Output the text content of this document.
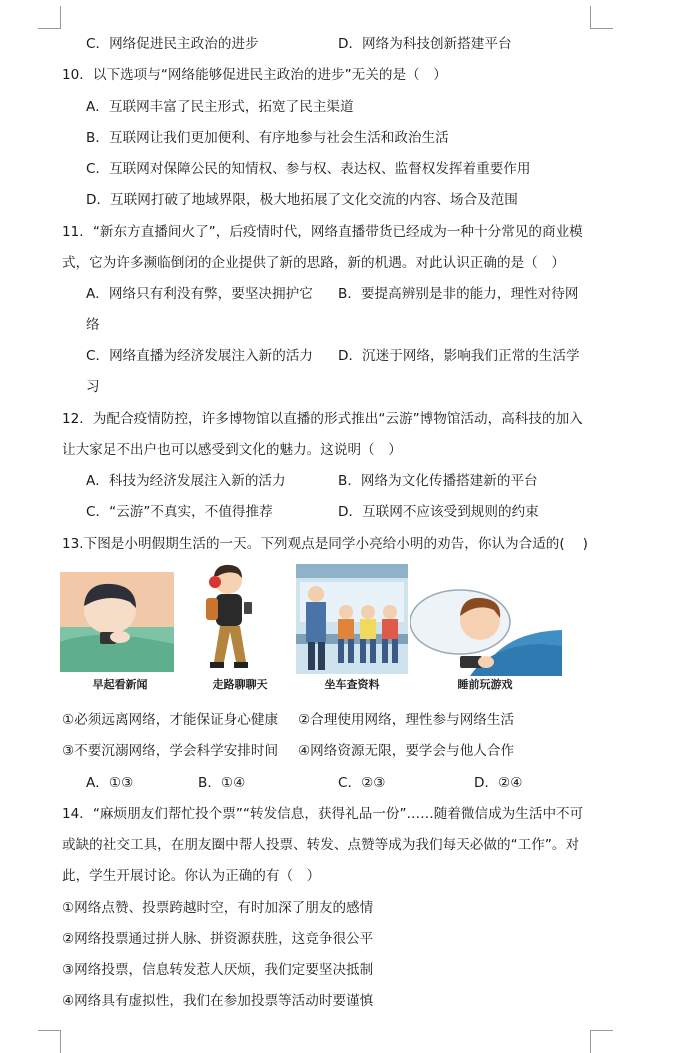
C．网络促进民主政治的进步	D．网络为科技创新搭建平台
10．以下选项与“网络能够促进民主政治的进步”无关的是（　）
A．互联网丰富了民主形式，拓宽了民主渠道
B．互联网让我们更加便利、有序地参与社会生活和政治生活
C．互联网对保障公民的知情权、参与权、表达权、监督权发挥着重要作用
D．互联网打破了地域界限，极大地拓展了文化交流的内容、场合及范围
11．“新东方直播间火了”，后疫情时代，网络直播带货已经成为一种十分常见的商业模
式，它为许多濒临倒闭的企业提供了新的思路，新的机遇。对此认识正确的是（　）
A．网络只有利没有弊，要坚决拥护它 B．要提高辨别是非的能力，理性对待网
络
C．网络直播为经济发展注入新的活力 D．沉迷于网络，影响我们正常的生活学
习
12．为配合疫情防控，许多博物馆以直播的形式推出“云游”博物馆活动，高科技的加入
让大家足不出户也可以感受到文化的魅力。这说明（　）
A．科技为经济发展注入新的活力	B．网络为文化传播搭建新的平台
C．“云游”不真实，不值得推荐	D．互联网不应该受到规则的约束
13.下图是小明假期生活的一天。下列观点是同学小亮给小明的劝告，你认为合适的(　 )
早起看新闻	走路聊聊天	坐车查资料	睡前玩游戏
①必须远离网络，才能保证身心健康 ②合理使用网络，理性参与网络生活
③不要沉溺网络，学会科学安排时间 ④网络资源无限，要学会与他人合作
A．①③	B．①④	C．②③	D．②④
14．“麻烦朋友们帮忙投个票”“转发信息，获得礼品一份”……随着微信成为生活中不可
或缺的社交工具，在朋友圈中帮人投票、转发、点赞等成为我们每天必做的“工作”。对
此，学生开展讨论。你认为正确的有（　）
①网络点赞、投票跨越时空，有时加深了朋友的感情
②网络投票通过拼人脉、拼资源获胜，这竞争很公平
③网络投票，信息转发惹人厌烦，我们定要坚决抵制
④网络具有虚拟性，我们在参加投票等活动时要谨慎
